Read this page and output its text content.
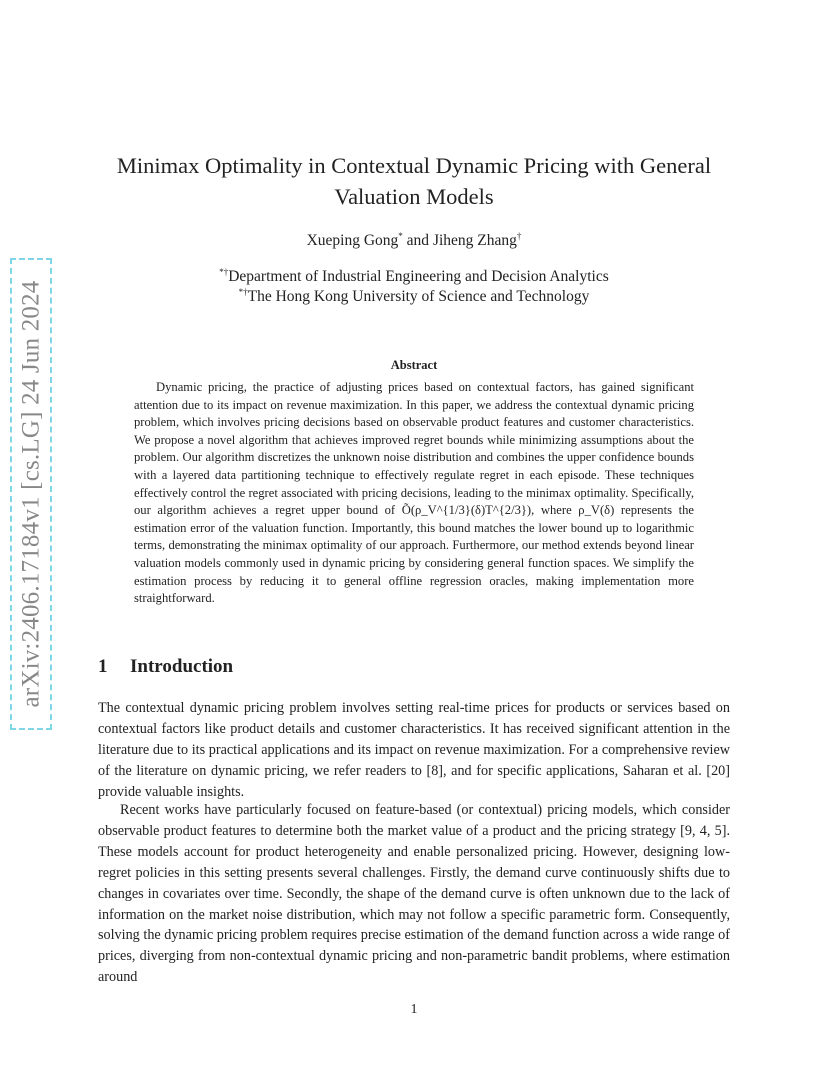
arXiv:2406.17184v1 [cs.LG] 24 Jun 2024
Minimax Optimality in Contextual Dynamic Pricing with General Valuation Models
Xueping Gong* and Jiheng Zhang†
*†Department of Industrial Engineering and Decision Analytics
*†The Hong Kong University of Science and Technology
Abstract

Dynamic pricing, the practice of adjusting prices based on contextual factors, has gained significant attention due to its impact on revenue maximization. In this paper, we address the contextual dynamic pricing problem, which involves pricing decisions based on observable product features and customer characteristics. We propose a novel algorithm that achieves improved regret bounds while minimizing assumptions about the problem. Our algorithm discretizes the unknown noise distribution and combines the upper confidence bounds with a layered data partitioning technique to effectively regulate regret in each episode. These techniques effectively control the regret associated with pricing decisions, leading to the minimax optimality. Specifically, our algorithm achieves a regret upper bound of Õ(ρ_V^{1/3}(δ)T^{2/3}), where ρ_V(δ) represents the estimation error of the valuation function. Importantly, this bound matches the lower bound up to logarithmic terms, demonstrating the minimax optimality of our approach. Furthermore, our method extends beyond linear valuation models commonly used in dynamic pricing by considering general function spaces. We simplify the estimation process by reducing it to general offline regression oracles, making implementation more straightforward.

1 Introduction

The contextual dynamic pricing problem involves setting real-time prices for products or services based on contextual factors like product details and customer characteristics. It has received significant attention in the literature due to its practical applications and its impact on revenue maximization. For a comprehensive review of the literature on dynamic pricing, we refer readers to [8], and for specific applications, Saharan et al. [20] provide valuable insights.

Recent works have particularly focused on feature-based (or contextual) pricing models, which consider observable product features to determine both the market value of a product and the pricing strategy [9, 4, 5]. These models account for product heterogeneity and enable personalized pricing. However, designing low-regret policies in this setting presents several challenges. Firstly, the demand curve continuously shifts due to changes in covariates over time. Secondly, the shape of the demand curve is often unknown due to the lack of information on the market noise distribution, which may not follow a specific parametric form. Consequently, solving the dynamic pricing problem requires precise estimation of the demand function across a wide range of prices, diverging from non-contextual dynamic pricing and non-parametric bandit problems, where estimation around

1
